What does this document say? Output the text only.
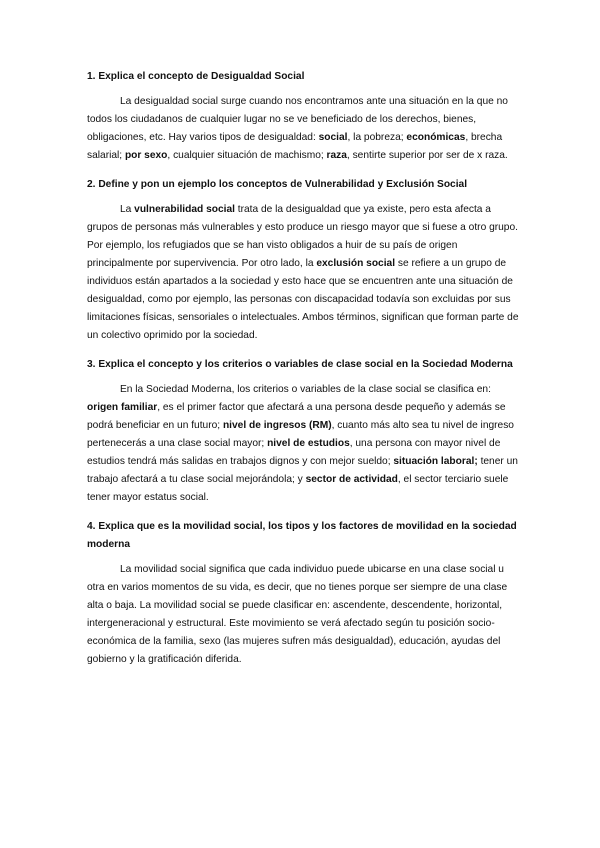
1. Explica el concepto de Desigualdad Social
La desigualdad social surge cuando nos encontramos ante una situación en la que no todos los ciudadanos de cualquier lugar no se ve beneficiado de los derechos, bienes, obligaciones, etc. Hay varios tipos de desigualdad: social, la pobreza; económicas, brecha salarial; por sexo, cualquier situación de machismo; raza, sentirte superior por ser de x raza.
2. Define y pon un ejemplo los conceptos de Vulnerabilidad y Exclusión Social
La vulnerabilidad social trata de la desigualdad que ya existe, pero esta afecta a grupos de personas más vulnerables y esto produce un riesgo mayor que si fuese a otro grupo. Por ejemplo, los refugiados que se han visto obligados a huir de su país de origen principalmente por supervivencia. Por otro lado, la exclusión social se refiere a un grupo de individuos están apartados a la sociedad y esto hace que se encuentren ante una situación de desigualdad, como por ejemplo, las personas con discapacidad todavía son excluidas por sus limitaciones físicas, sensoriales o intelectuales. Ambos términos, significan que forman parte de un colectivo oprimido por la sociedad.
3. Explica el concepto y los criterios o variables de clase social en la Sociedad Moderna
En la Sociedad Moderna, los criterios o variables de la clase social se clasifica en: origen familiar, es el primer factor que afectará a una persona desde pequeño y además se podrá beneficiar en un futuro; nivel de ingresos (RM), cuanto más alto sea tu nivel de ingreso pertenecerás a una clase social mayor; nivel de estudios, una persona con mayor nivel de estudios tendrá más salidas en trabajos dignos y con mejor sueldo; situación laboral; tener un trabajo afectará a tu clase social mejorándola; y sector de actividad, el sector terciario suele tener mayor estatus social.
4. Explica que es la movilidad social, los tipos y los factores de movilidad en la sociedad moderna
La movilidad social significa que cada individuo puede ubicarse en una clase social u otra en varios momentos de su vida, es decir, que no tienes porque ser siempre de una clase alta o baja. La movilidad social se puede clasificar en: ascendente, descendente, horizontal, intergeneracional y estructural. Este movimiento se verá afectado según tu posición socio-económica de la familia, sexo (las mujeres sufren más desigualdad), educación, ayudas del gobierno y la gratificación diferida.
